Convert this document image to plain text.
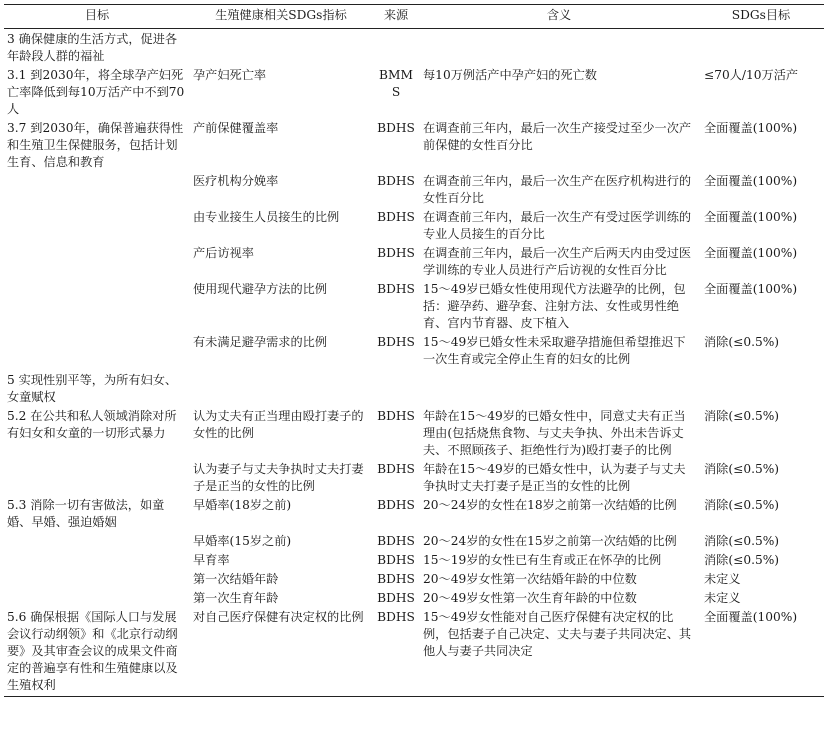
目标	生殖健康相关SDGs指标	来源	含义	SDGs目标
3 确保健康的生活方式，促进各年龄段人群的福祉				
3.1 到2030年，将全球孕产妇死亡率降低到每10万活产中不到70人	孕产妇死亡率	BMMS	每10万例活产中孕产妇的死亡数	≤70人/10万活产
3.7 到2030年，确保普遍获得性和生殖卫生保健服务，包括计划生育、信息和教育	产前保健覆盖率	BDHS	在调查前三年内，最后一次生产接受过至少一次产前保健的女性百分比	全面覆盖(100%)
	医疗机构分娩率	BDHS	在调查前三年内，最后一次生产在医疗机构进行的女性百分比	全面覆盖(100%)
	由专业接生人员接生的比例	BDHS	在调查前三年内，最后一次生产有受过医学训练的专业人员接生的百分比	全面覆盖(100%)
	产后访视率	BDHS	在调查前三年内，最后一次生产后两天内由受过医学训练的专业人员进行产后访视的女性百分比	全面覆盖(100%)
	使用现代避孕方法的比例	BDHS	15～49岁已婚女性使用现代方法避孕的比例，包括：避孕药、避孕套、注射方法、女性或男性绝育、宫内节育器、皮下植入	全面覆盖(100%)
	有未满足避孕需求的比例	BDHS	15～49岁已婚女性未采取避孕措施但希望推迟下一次生育或完全停止生育的妇女的比例	消除(≤0.5%)
5 实现性别平等，为所有妇女、女童赋权				
5.2 在公共和私人领域消除对所有妇女和女童的一切形式暴力	认为丈夫有正当理由殴打妻子的女性的比例	BDHS	年龄在15～49岁的已婚女性中，同意丈夫有正当理由(包括烧焦食物、与丈夫争执、外出未告诉丈夫、不照顾孩子、拒绝性行为)殴打妻子的比例	消除(≤0.5%)
	认为妻子与丈夫争执时丈夫打妻子是正当的女性的比例	BDHS	年龄在15～49岁的已婚女性中，认为妻子与丈夫争执时丈夫打妻子是正当的女性的比例	消除(≤0.5%)
5.3 消除一切有害做法，如童婚、早婚、强迫婚姻	早婚率(18岁之前)	BDHS	20～24岁的女性在18岁之前第一次结婚的比例	消除(≤0.5%)
	早婚率(15岁之前)	BDHS	20～24岁的女性在15岁之前第一次结婚的比例	消除(≤0.5%)
	早育率	BDHS	15～19岁的女性已有生育或正在怀孕的比例	消除(≤0.5%)
	第一次结婚年龄	BDHS	20～49岁女性第一次结婚年龄的中位数	未定义
	第一次生育年龄	BDHS	20～49岁女性第一次生育年龄的中位数	未定义
5.6 确保根据《国际人口与发展会议行动纲领》和《北京行动纲要》及其审查会议的成果文件商定的普遍享有性和生殖健康以及生殖权利	对自己医疗保健有决定权的比例	BDHS	15～49岁女性能对自己医疗保健有决定权的比例，包括妻子自己决定、丈夫与妻子共同决定、其他人与妻子共同决定	全面覆盖(100%)
